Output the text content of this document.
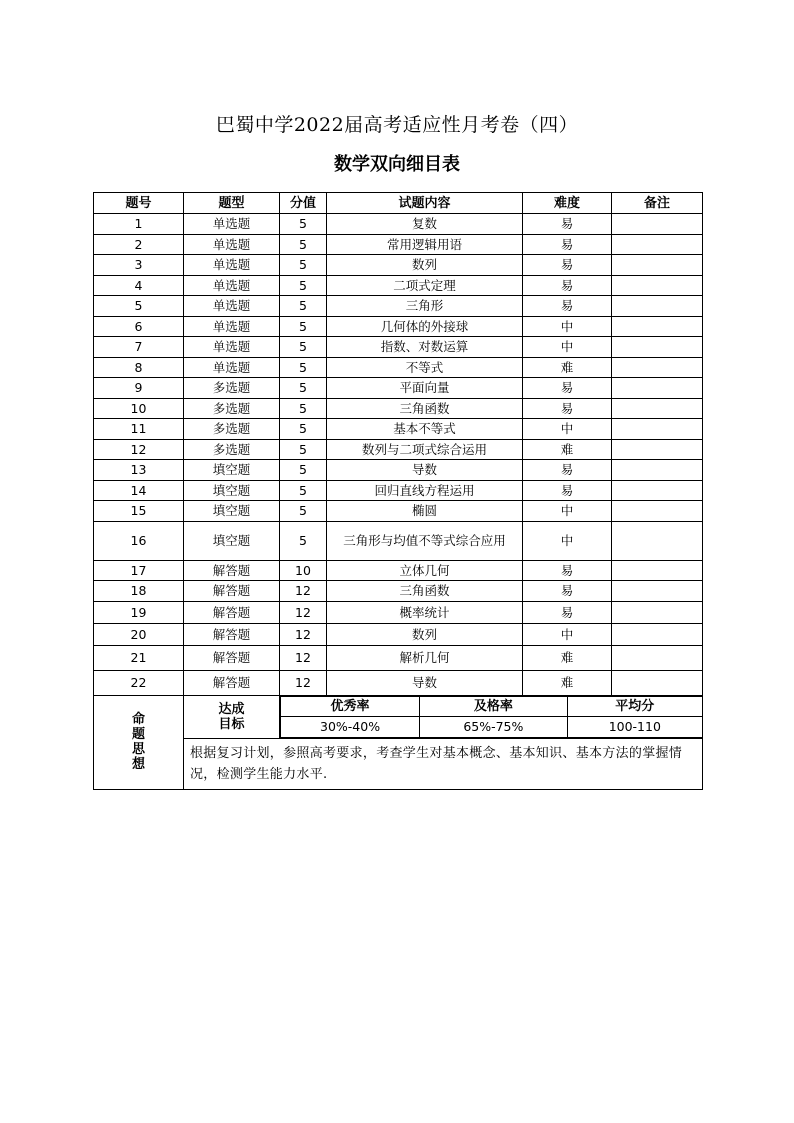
巴蜀中学2022届高考适应性月考卷（四）
数学双向细目表
题号	题型	分值	试题内容	难度	备注
1	单选题	5	复数	易	
2	单选题	5	常用逻辑用语	易	
3	单选题	5	数列	易	
4	单选题	5	二项式定理	易	
5	单选题	5	三角形	易	
6	单选题	5	几何体的外接球	中	
7	单选题	5	指数、对数运算	中	
8	单选题	5	不等式	难	
9	多选题	5	平面向量	易	
10	多选题	5	三角函数	易	
11	多选题	5	基本不等式	中	
12	多选题	5	数列与二项式综合运用	难	
13	填空题	5	导数	易	
14	填空题	5	回归直线方程运用	易	
15	填空题	5	椭圆	中	
16	填空题	5	三角形与均值不等式综合应用	中	
17	解答题	10	立体几何	易	
18	解答题	12	三角函数	易	
19	解答题	12	概率统计	易	
20	解答题	12	数列	中	
21	解答题	12	解析几何	难	
22	解答题	12	导数	难	

命
题
思
想

达成
目标

优秀率	及格率	平均分
30%-40%	65%-75%	100-110

根据复习计划，参照高考要求，考查学生对基本概念、基本知识、基本方法的掌握情况，检测学生能力水平.
